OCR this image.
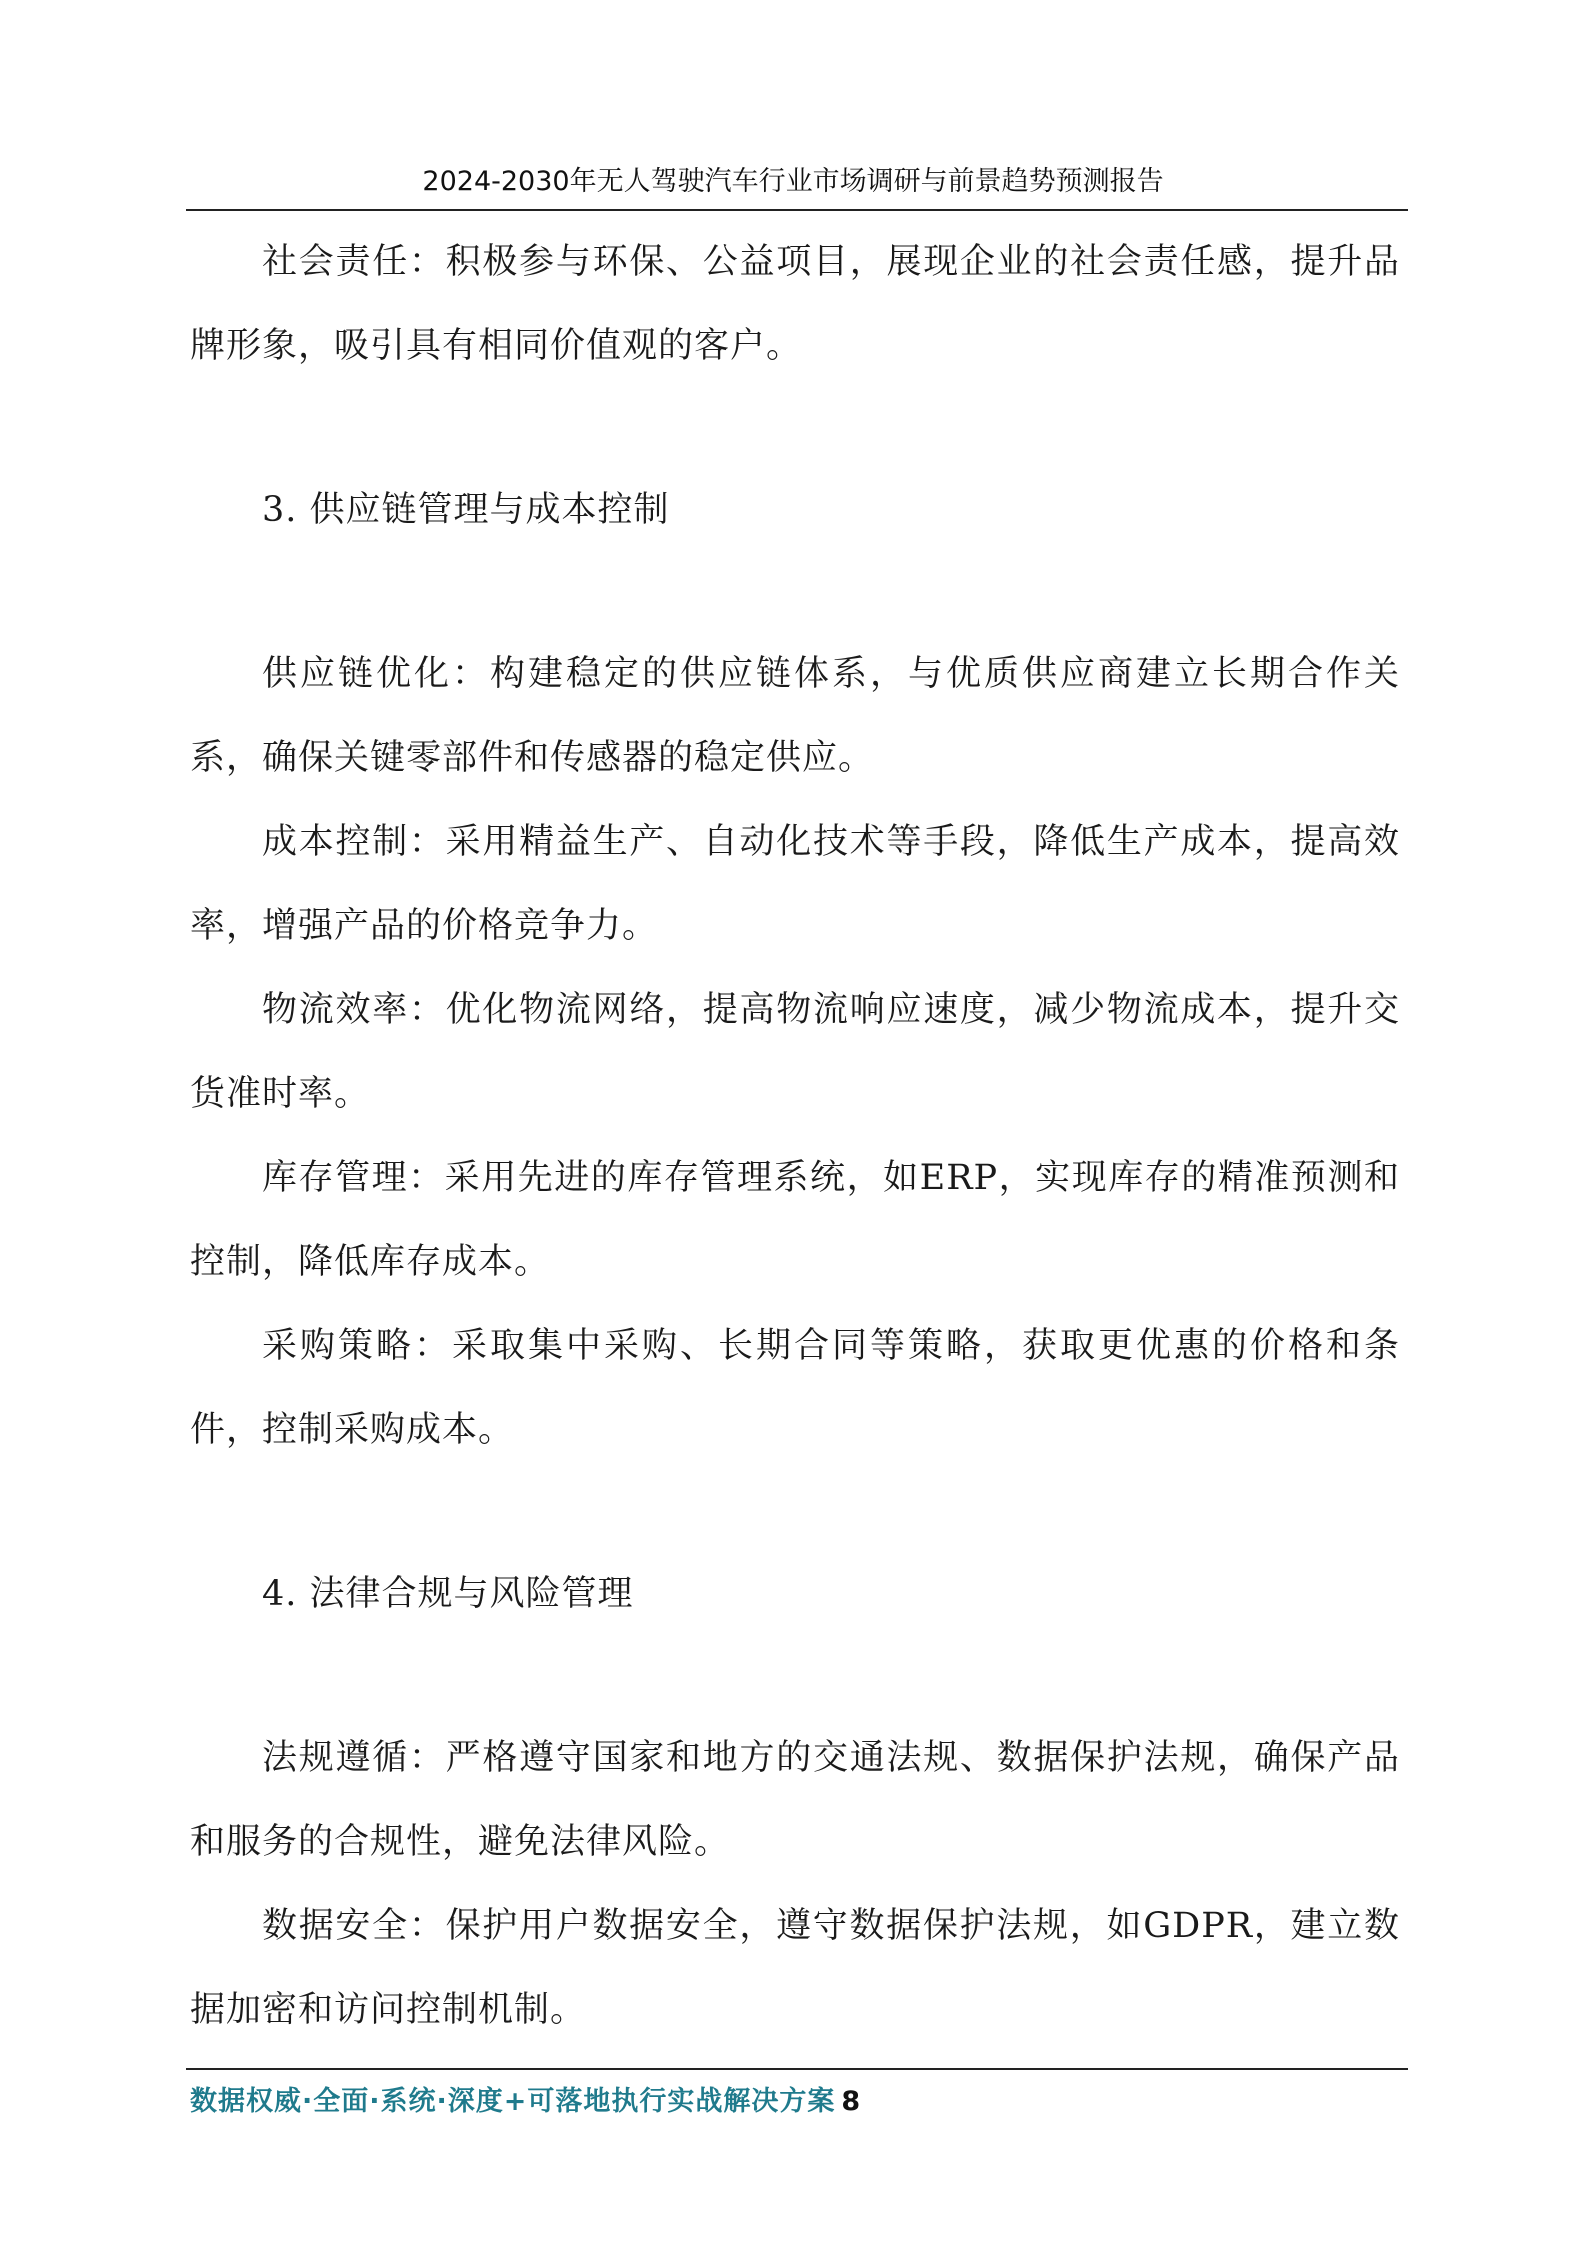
2024-2030年无人驾驶汽车行业市场调研与前景趋势预测报告

社会责任：积极参与环保、公益项目，展现企业的社会责任感，提升品牌形象，吸引具有相同价值观的客户。

3. 供应链管理与成本控制

供应链优化：构建稳定的供应链体系，与优质供应商建立长期合作关系，确保关键零部件和传感器的稳定供应。

成本控制：采用精益生产、自动化技术等手段，降低生产成本，提高效率，增强产品的价格竞争力。

物流效率：优化物流网络，提高物流响应速度，减少物流成本，提升交货准时率。

库存管理：采用先进的库存管理系统，如ERP，实现库存的精准预测和控制，降低库存成本。

采购策略：采取集中采购、长期合同等策略，获取更优惠的价格和条件，控制采购成本。

4. 法律合规与风险管理

法规遵循：严格遵守国家和地方的交通法规、数据保护法规，确保产品和服务的合规性，避免法律风险。

数据安全：保护用户数据安全，遵守数据保护法规，如GDPR，建立数据加密和访问控制机制。

数据权威·全面·系统·深度+可落地执行实战解决方案 8
